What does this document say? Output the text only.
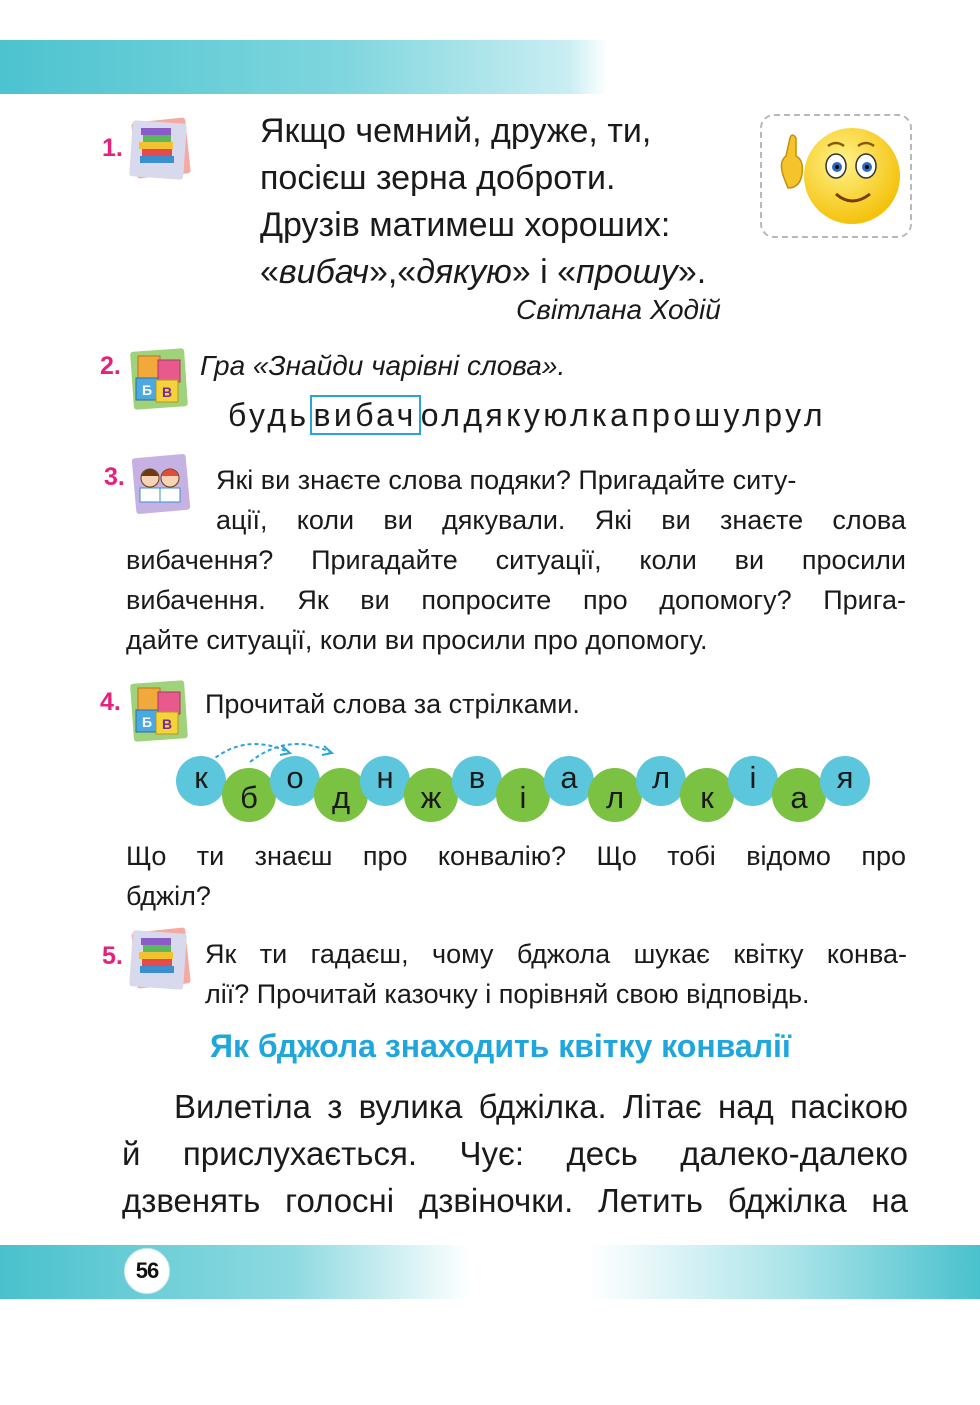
56
1.	Якщо чемний, друже, ти,
посієш зерна доброти.
Друзів матимеш хороших:
«вибач»,«дякую» і «прошу».
Світлана Ходій
2.
Б В
Гра «Знайди чарівні слова».
будь вибач олдякуюлкапрошулрул
3.	Які ви знаєте слова подяки? Пригадайте ситу-
ації, коли ви дякували. Які ви знаєте слова
вибачення? Пригадайте ситуації, коли ви просили
вибачення. Як ви попросите про допомогу? Прига-
дайте ситуації, коли ви просили про допомогу.
4.
Б В
Прочитай слова за стрілками.
к
б
о
д
н
ж
в
і
а
л
л
к
і
а
я
Що ти знаєш про конвалію? Що тобі відомо про
бджіл?
5.	Як ти гадаєш, чому бджола шукає квітку конва-
лії? Прочитай казочку і порівняй свою відповідь.
Як бджола знаходить квітку конвалії
Вилетіла з вулика бджілка. Літає над пасікою
й прислухається. Чує: десь далеко-далеко
дзвенять голосні дзвіночки. Летить бджілка на
